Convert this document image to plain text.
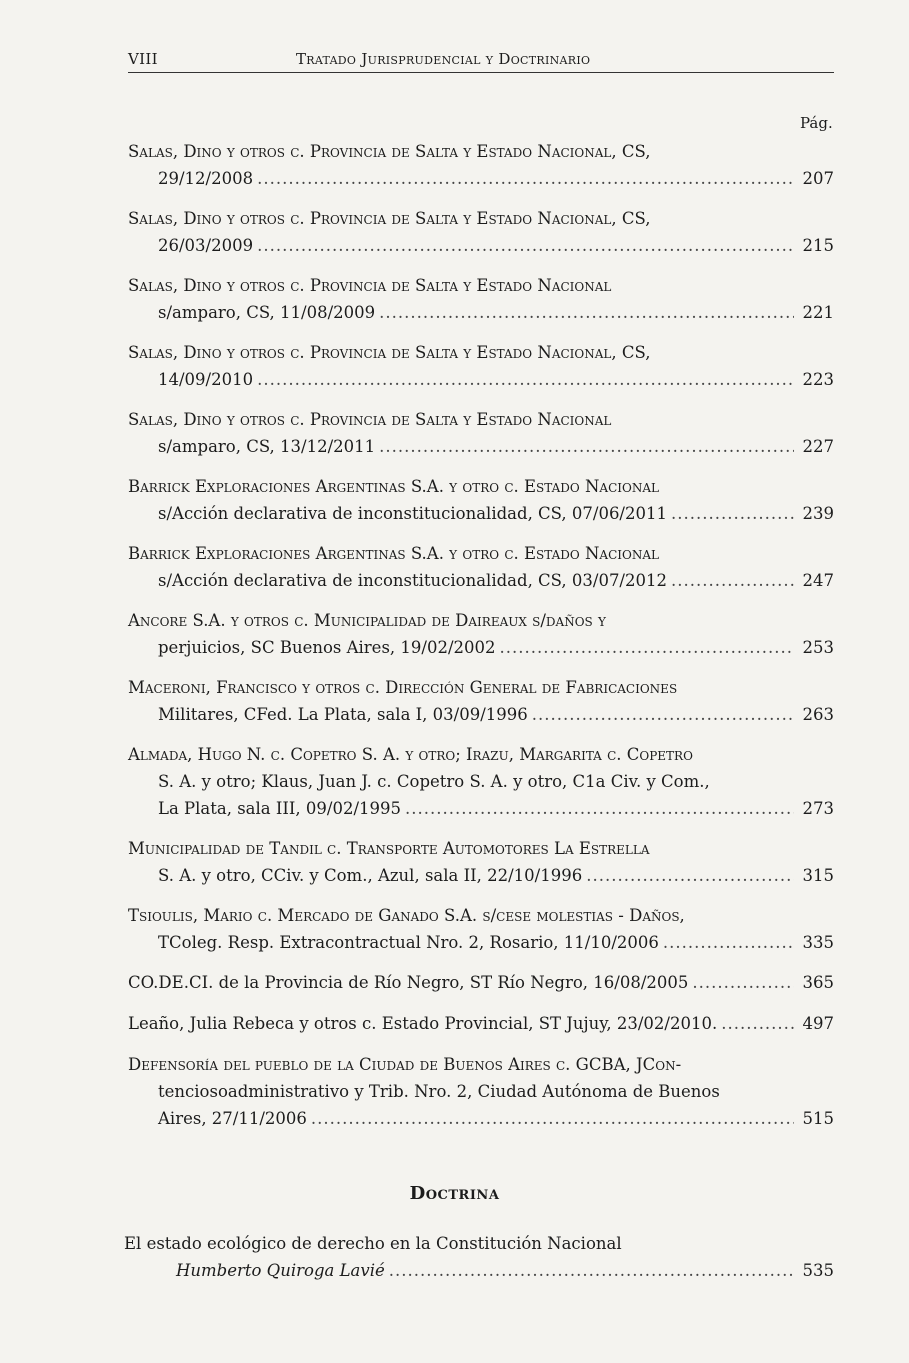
VIII	Tratado Jurisprudencial y Doctrinario
Pág.
Salas, Dino y otros c. Provincia de Salta y Estado Nacional, CS,
29/12/2008 .....	207
Salas, Dino y otros c. Provincia de Salta y Estado Nacional, CS,
26/03/2009 .....	215
Salas, Dino y otros c. Provincia de Salta y Estado Nacional
s/amparo, CS, 11/08/2009 .....	221
Salas, Dino y otros c. Provincia de Salta y Estado Nacional, CS,
14/09/2010 .....	223
Salas, Dino y otros c. Provincia de Salta y Estado Nacional
s/amparo, CS, 13/12/2011 .....	227
Barrick Exploraciones Argentinas S.A. y otro c. Estado Nacional
s/Acción declarativa de inconstitucionalidad, CS, 07/06/2011 .....	239
Barrick Exploraciones Argentinas S.A. y otro c. Estado Nacional
s/Acción declarativa de inconstitucionalidad, CS, 03/07/2012 .....	247
Ancore S.A. y otros c. Municipalidad de Daireaux s/daños y
perjuicios, SC Buenos Aires, 19/02/2002 .....	253
Maceroni, Francisco y otros c. Dirección General de Fabricaciones
Militares, CFed. La Plata, sala I, 03/09/1996 .....	263
Almada, Hugo N. c. Copetro S. A. y otro; Irazu, Margarita c. Copetro
S. A. y otro; Klaus, Juan J. c. Copetro S. A. y otro, C1a Civ. y Com.,
La Plata, sala III, 09/02/1995 .....	273
Municipalidad de Tandil c. Transporte Automotores La Estrella
S. A. y otro, CCiv. y Com., Azul, sala II, 22/10/1996 .....	315
Tsioulis, Mario c. Mercado de Ganado S.A. s/cese molestias - Daños,
TColeg. Resp. Extracontractual Nro. 2, Rosario, 11/10/2006 .....	335
CO.DE.CI. de la Provincia de Río Negro, ST Río Negro, 16/08/2005 .....	365
Leaño, Julia Rebeca y otros c. Estado Provincial, ST Jujuy, 23/02/2010. .....	497
Defensoría del pueblo de la Ciudad de Buenos Aires c. GCBA, JCon-
tenciosoadministrativo y Trib. Nro. 2, Ciudad Autónoma de Buenos
Aires, 27/11/2006 .....	515
Doctrina
El estado ecológico de derecho en la Constitución Nacional
Humberto Quiroga Lavié .....	535
